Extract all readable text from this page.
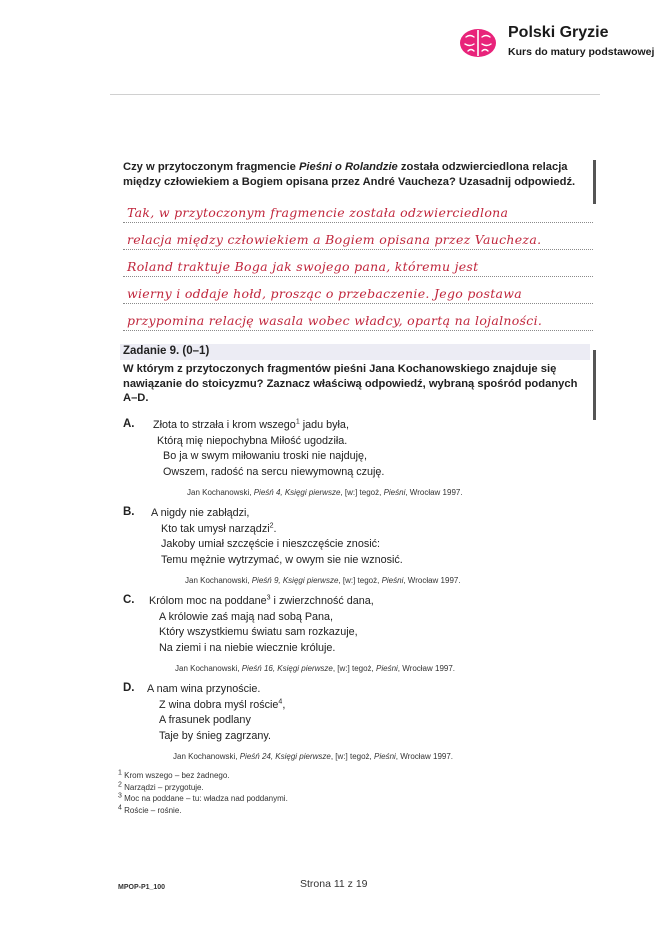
Polski Gryzie
Kurs do matury podstawowej
Czy w przytoczonym fragmencie Pieśni o Rolandzie została odzwierciedlona relacja między człowiekiem a Bogiem opisana przez André Vaucheza? Uzasadnij odpowiedź.
Tak, w przytoczonym fragmencie została odzwierciedlona
relacja między człowiekiem a Bogiem opisana przez Vaucheza.
Roland traktuje Boga jak swojego pana, któremu jest
wierny i oddaje hołd, prosząc o przebaczenie. Jego postawa
przypomina relację wasala wobec władcy, opartą na lojalności.
Zadanie 9. (0–1)
W którym z przytoczonych fragmentów pieśni Jana Kochanowskiego znajduje się nawiązanie do stoicyzmu? Zaznacz właściwą odpowiedź, wybraną spośród podanych A–D.
A. Złota to strzała i krom wszego$^1$ jadu była,
Którą mię niepochybna Miłość ugodziła.
Bo ja w swym miłowaniu troski nie najduję,
Owszem, radość na sercu niewymowną czuję.
Jan Kochanowski, Pieśń 4, Księgi pierwsze, [w:] tegoż, Pieśni, Wrocław 1997.
B. A nigdy nie zabłądzi,
Kto tak umysł narządzi$^2$.
Jakoby umiał szczęście i nieszczęście znosić:
Temu mężnie wytrzymać, w owym sie nie wznosić.
Jan Kochanowski, Pieśń 9, Księgi pierwsze, [w:] tegoż, Pieśni, Wrocław 1997.
C. Królom moc na poddane$^3$ i zwierzchność dana,
A królowie zaś mają nad sobą Pana,
Który wszystkiemu światu sam rozkazuje,
Na ziemi i na niebie wiecznie króluje.
Jan Kochanowski, Pieśń 16, Księgi pierwsze, [w:] tegoż, Pieśni, Wrocław 1997.
D. A nam wina przynoście.
Z wina dobra myśl roście$^4$,
A frasunek podlany
Taje by śnieg zagrzany.
Jan Kochanowski, Pieśń 24, Księgi pierwsze, [w:] tegoż, Pieśni, Wrocław 1997.
$^1$ Krom wszego – bez żadnego.
$^2$ Narządzi – przygotuje.
$^3$ Moc na poddane – tu: władza nad poddanymi.
$^4$ Roście – rośnie.
MPOP-P1_100	Strona 11 z 19
